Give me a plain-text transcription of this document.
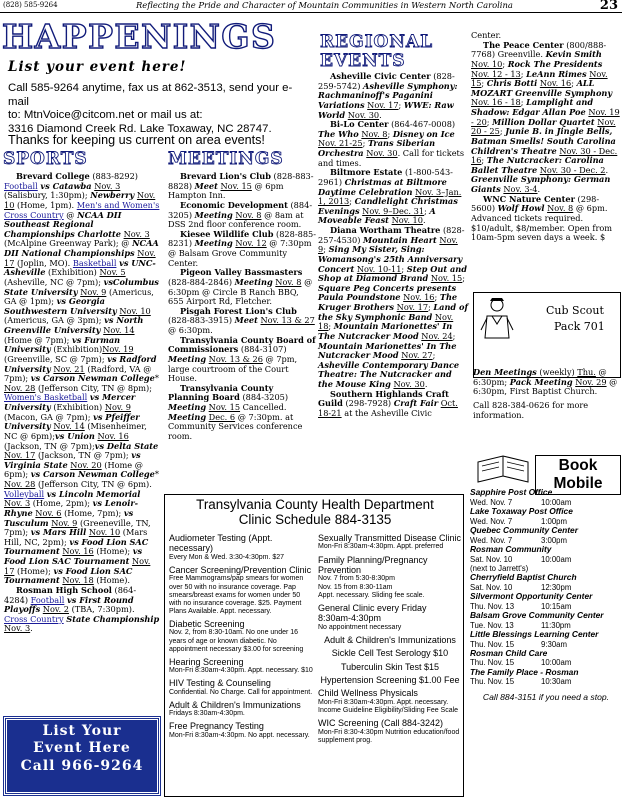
(828) 585-9264	Reflecting the Pride and Character of Mountain Communities in Western North Carolina	23
HAPPENINGS
List your event here!
Call 585-9264 anytime, fax us at 862-3513, send your e-mail
to: MtnVoice@citcom.net or mail us at:
3316 Diamond Creek Rd. Lake Toxaway, NC 28747.
Thanks for keeping us current on area events!
SPORTS	MEETINGS
REGIONAL
EVENTS

Brevard College (883-8292) Football vs Catawba Nov. 3 (Salisbury, 1:30pm); Newberry Nov. 10 (Home, 1pm). Men's and Women's Cross Country @ NCAA DII Southeast Regional Championships Charlotte Nov. 3 (McAlpine Greenway Park); @ NCAA DII National Championships Nov. 17 (Joplin, MO). Basketball vs UNC-Asheville (Exhibition) Nov. 5 (Asheville, NC @ 7pm); vsColumbus State University Nov. 9 (Americus, GA @ 1pm); vs Georgia Southwestern University Nov. 10 (Americus, GA @ 3pm); vs North Greenville University Nov. 14 (Home @ 7pm); vs Furman University (Exhibition)Nov. 19 (Greenville, SC @ 7pm); vs Radford University Nov. 21 (Radford, VA @ 7pm); vs Carson Newman College* Nov. 28 (Jefferson City, TN @ 8pm); Women's Basketball vs Mercer University (Exhibition) Nov. 9 (Macon, GA @ 7pm); vs Pfeiffer University Nov. 14 (Misenheimer, NC @ 6pm);vs Union Nov. 16 (Jackson, TN @ 7pm);vs Delta State Nov. 17 (Jackson, TN @ 7pm); vs Virginia State Nov. 20 (Home @ 6pm); vs Carson Newman College* Nov. 28 (Jefferson City, TN @ 6pm). Volleyball vs Lincoln Memorial Nov. 3 (Home, 2pm); vs Lenoir-Rhyne Nov. 6 (Home, 7pm); vs Tusculum Nov. 9 (Greeneville, TN, 7pm); vs Mars Hill Nov. 10 (Mars Hill, NC, 2pm); vs Food Lion SAC Tournament Nov. 16 (Home); vs Food Lion SAC Tournament Nov. 17 (Home); vs Food Lion SAC Tournament Nov. 18 (Home).

Rosman High School (864-4284) Football vs First Round Playoffs Nov. 2 (TBA, 7:30pm). Cross Country State Championship Nov. 3.

List Your
Event Here
Call 966-9264

Brevard Lion's Club (828-883-8828) Meet Nov. 15 @ 6pm Hampton Inn.

Economic Development (884-3205) Meeting Nov. 8 @ 8am at DSS 2nd floor conference room.

Kiesee Wildlife Club (828-885-8231) Meeting Nov. 12 @ 7:30pm @ Balsam Grove Community Center.

Pigeon Valley Bassmasters (828-884-2846) Meeting Nov. 8 @ 6:30pm @ Circle B Ranch BBQ, 655 Airport Rd, Fletcher.

Pisgah Forest Lion's Club (828-883-3915) Meet Nov. 13 & 27 @ 6:30pm.

Transylvania County Board of Commissioners (884-3107) Meeting Nov. 13 & 26 @ 7pm, large courtroom of the Court House.

Transylvania County Planning Board (884-3205) Meeting Nov. 15 Cancelled. Meeting Dec. 6 @ 7:30pm. at Community Services conference room.

Asheville Civic Center (828-259-5742) Asheville Symphony: Rachmaninoff's Paganini Variations Nov. 17; WWE: Raw World Nov. 30.

Bi-Lo Center (864-467-0008) The Who Nov. 8; Disney on Ice Nov. 21-25; Trans Siberian Orchestra Nov. 30. Call for tickets and times.

Biltmore Estate (1-800-543-2961) Christmas at Biltmore Daytime Celebration Nov. 3–Jan. 1, 2013; Candlelight Christmas Evenings Nov. 9–Dec. 31; A Moveable Feast Nov. 10.

Diana Wortham Theatre (828-257-4530) Mountain Heart Nov. 9; Sing My Sister, Sing: Womansong's 25th Anniversary Concert Nov. 10-11; Step Out and Shop at Diamond Brand Nov. 15; Square Peg Concerts presents Paula Poundstone Nov. 16; The Kruger Brothers Nov. 17; Land of the Sky Symphonic Band Nov. 18; Mountain Marionettes' In The Nutcracker Mood Nov. 24; Mountain Marionettes' In The Nutcracker Mood Nov. 27; Asheville Contemporary Dance Theatre: The Nutcracker and the Mouse King Nov. 30.

Southern Highlands Craft Guild (298-7928) Craft Fair Oct. 18-21 at the Asheville Civic

Center.

The Peace Center (800/888-7768) Greenville. Kevin Smith Nov. 10; Rock The Presidents Nov. 12 - 13; LeAnn Rimes Nov. 15; Chris Botti Nov. 16; ALL MOZART Greenville Symphony Nov. 16 - 18; Lamplight and Shadow: Edgar Allan Poe Nov. 19 - 20; Million Dollar Quartet Nov. 20 - 25; Junie B. in Jingle Bells, Batman Smells! South Carolina Children's Theatre Nov. 30 - Dec. 16; The Nutcracker: Carolina Ballet Theatre Nov. 30 - Dec. 2. Greenville Symphony: German Giants Nov. 3-4.

WNC Nature Center (298-5600) Wolf Howl Nov. 8 @ 6pm. Advanced tickets required. $10/adult, $8/member. Open from 10am-5pm seven days a week. $

Cub Scout
Pack 701
Den Meetings (weekly) Thu. @ 6:30pm; Pack Meeting Nov. 29 @ 6:30pm, First Baptist Church.
Call 828-384-0626 for more information.
Transylvania County Health Department
Clinic Schedule 884-3135
Audiometer Testing (Appt. necessary)
Every Mon & Wed. 3:30-4:30pm. $27
Cancer Screening/Prevention Clinic
Free Mammograms/pap smears for women over 50 with no insurance coverage. Pap smears/breast exams for women under 50 with no insurance coverage. $25. Payment Plans Available. Appt. necessary.
Diabetic Screening
Nov. 2, from 8:30-10am. No one under 16 years of age or known diabetic. No appointment necessary $3.00 for screening
Hearing Screening
Mon-Fri 8:30am-4:30pm. Appt. necessary. $10
HIV Testing & Counseling
Confidential. No Charge. Call for appointment.
Adult & Children's Immunizations
Fridays 8:30am-4:30pm.
Free Pregnancy Testing
Mon-Fri 8:30am-4:30pm. No appt. necessary.
Sexually Transmitted Disease Clinic
Mon-Fri 8:30am-4:30pm. Appt. preferred
Family Planning/Pregnancy Prevention
Nov. 7 from 5:30-8:30pm
Nov. 15 from 8:30-11am
Appt. necessary. Sliding fee scale.
General Clinic every Friday 8:30am-4:30pm
No appointment necessary
Adult & Children's Immunizations
Sickle Cell Test Serology $10
Tuberculin Skin Test $15
Hypertension Screening $1.00 Fee
Child Wellness Physicals
Mon-Fri 8:30am-4:30pm. Appt. necessary. Income Guideline Eligibility/Sliding Fee Scale
WIC Screening (Call 884-3242)
Mon-Fri 8:30-4:30pm Nutrition education/food supplement prog.
Book
Mobile
Sapphire Post Office
Wed. Nov. 7	10:00am
Lake Toxaway Post Office
Wed. Nov. 7	1:00pm
Quebec Community Center
Wed. Nov. 7	3:00pm
Rosman Community
Sat. Nov. 10	10:00am
(next to Jarrett's)
Cherryfield Baptist Church
Sat. Nov. 10	12:30pm
Silvermont Opportunity Center
Thu. Nov. 13	10:15am
Balsam Grove Community Center
Tue. Nov. 13	11:30pm
Little Blessings Learning Center
Thu. Nov. 15	9:30am
Rosman Child Care
Thu. Nov. 15	10:00am
The Family Place - Rosman
Thu. Nov. 15	10:30am
Call 884-3151 if you need a stop.
